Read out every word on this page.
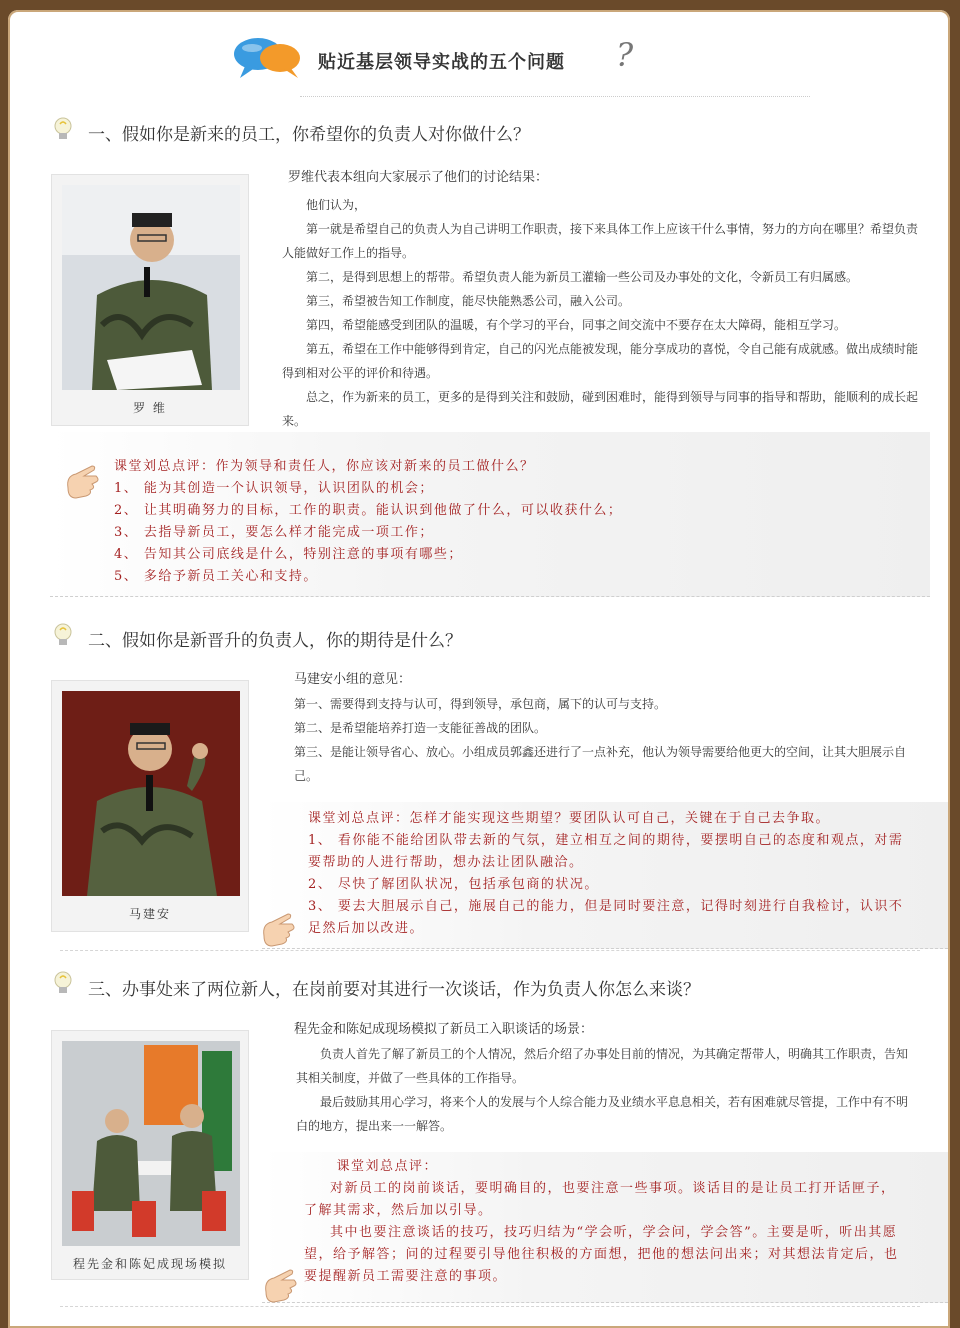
贴近基层领导实战的五个问题 ?
一、假如你是新来的员工，你希望你的负责人对你做什么？
罗 维
罗维代表本组向大家展示了他们的讨论结果：

他们认为，

第一就是希望自己的负责人为自己讲明工作职责，接下来具体工作上应该干什么事情，努力的方向在哪里？希望负责人能做好工作上的指导。

第二，是得到思想上的帮带。希望负责人能为新员工灌输一些公司及办事处的文化，令新员工有归属感。

第三，希望被告知工作制度，能尽快能熟悉公司，融入公司。

第四，希望能感受到团队的温暖，有个学习的平台，同事之间交流中不要存在太大障碍，能相互学习。

第五，希望在工作中能够得到肯定，自己的闪光点能被发现，能分享成功的喜悦，令自己能有成就感。做出成绩时能得到相对公平的评价和待遇。

总之，作为新来的员工，更多的是得到关注和鼓励，碰到困难时，能得到领导与同事的指导和帮助，能顺利的成长起来。

课堂刘总点评：作为领导和责任人，你应该对新来的员工做什么？

1、 能为其创造一个认识领导，认识团队的机会；

2、 让其明确努力的目标，工作的职责。能认识到他做了什么，可以收获什么；

3、 去指导新员工，要怎么样才能完成一项工作；

4、 告知其公司底线是什么，特别注意的事项有哪些；

5、 多给予新员工关心和支持。

二、假如你是新晋升的负责人，你的期待是什么？
马建安
马建安小组的意见：

第一、需要得到支持与认可，得到领导，承包商，属下的认可与支持。

第二、是希望能培养打造一支能征善战的团队。

第三、是能让领导省心、放心。小组成员郭鑫还进行了一点补充，他认为领导需要给他更大的空间，让其大胆展示自己。

课堂刘总点评：怎样才能实现这些期望？要团队认可自己，关键在于自己去争取。

1、 看你能不能给团队带去新的气氛，建立相互之间的期待，要摆明自己的态度和观点，对需要帮助的人进行帮助，想办法让团队融洽。

2、 尽快了解团队状况，包括承包商的状况。

3、 要去大胆展示自己，施展自己的能力，但是同时要注意，记得时刻进行自我检讨，认识不足然后加以改进。

三、办事处来了两位新人，在岗前要对其进行一次谈话，作为负责人你怎么来谈？
程先金和陈妃成现场模拟
程先金和陈妃成现场模拟了新员工入职谈话的场景：

负责人首先了解了新员工的个人情况，然后介绍了办事处目前的情况，为其确定帮带人，明确其工作职责，告知其相关制度，并做了一些具体的工作指导。

最后鼓励其用心学习，将来个人的发展与个人综合能力及业绩水平息息相关，若有困难就尽管提，工作中有不明白的地方，提出来一一解答。

课堂刘总点评：

对新员工的岗前谈话，要明确目的，也要注意一些事项。谈话目的是让员工打开话匣子，了解其需求，然后加以引导。

其中也要注意谈话的技巧，技巧归结为“学会听，学会问，学会答”。主要是听，听出其愿望，给予解答；问的过程要引导他往积极的方面想，把他的想法问出来；对其想法肯定后，也要提醒新员工需要注意的事项。
